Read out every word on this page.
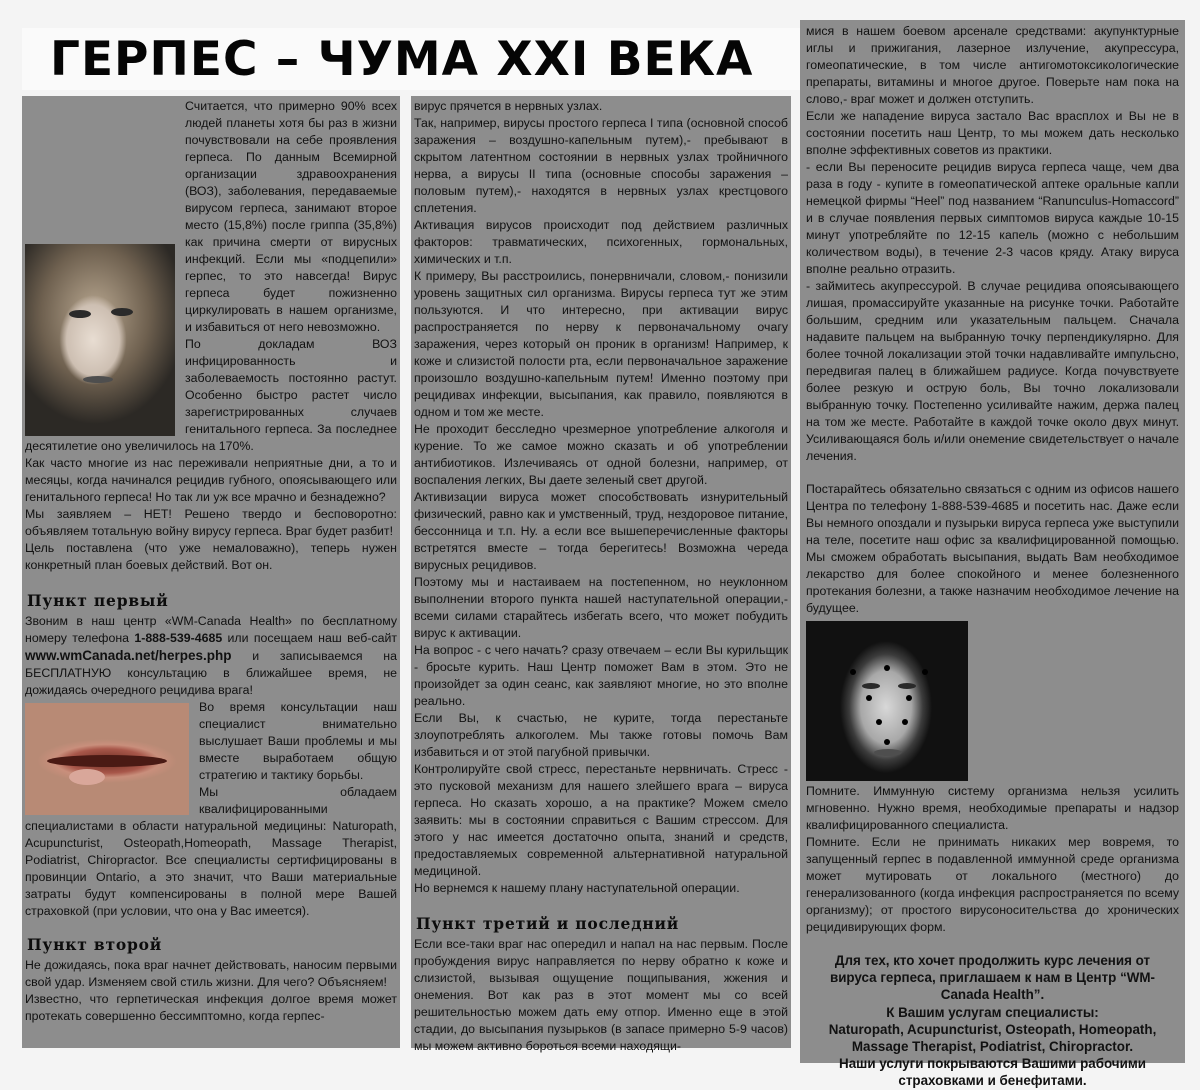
ГЕРПЕС – ЧУМА XXI ВЕКА

Считается, что примерно 90% всех людей планеты хотя бы раз в жизни почувствовали на себе проявления герпеса. По данным Всемирной организации здравоохранения (ВОЗ), заболевания, передаваемые вирусом герпеса, занимают второе место (15,8%) после гриппа (35,8%) как причина смерти от вирусных инфекций. Если мы «подцепили» герпес, то это навсегда! Вирус герпеса будет пожизненно циркулировать в нашем организме, и избавиться от него невозможно.

По докладам ВОЗ инфицированность и заболеваемость постоянно растут. Особенно быстро растет число зарегистрированных случаев генитального герпеса. За последнее десятилетие оно увеличилось на 170%.

Как часто многие из нас переживали неприятные дни, а то и месяцы, когда начинался рецидив губного, опоясывающего или генитального герпеса! Но так ли уж все мрачно и безнадежно?

Мы заявляем – НЕТ! Решено твердо и бесповоротно: объявляем тотальную войну вирусу герпеса. Враг будет разбит!

Цель поставлена (что уже немаловажно), теперь нужен конкретный план боевых действий. Вот он.

Пункт первый

Звоним в наш центр «WM-Canada Health» по бесплатному номеру телефона 1-888-539-4685 или посещаем наш веб-сайт www.wmCanada.net/herpes.php и записываемся на БЕСПЛАТНУЮ консультацию в ближайшее время, не дожидаясь очередного рецидива врага!

Во время консультации наш специалист внимательно выслушает Ваши проблемы и мы вместе выработаем общую стратегию и тактику борьбы.

Мы обладаем квалифицированными специалистами в области натуральной медицины: Naturopath, Acupuncturist, Osteopath,Homeopath, Massage Therapist, Podiatrist, Chiropractor. Все специалисты сертифицированы в провинции Ontario, а это значит, что Ваши материальные затраты будут компенсированы в полной мере Вашей страховкой (при условии, что она у Вас имеется).

Пункт второй

Не дожидаясь, пока враг начнет действовать, наносим первыми свой удар. Изменяем свой стиль жизни. Для чего? Объясняем!

Известно, что герпетическая инфекция долгое время может протекать совершенно бессимптомно, когда герпес-

вирус прячется в нервных узлах.

Так, например, вирусы простого герпеса I типа (основной способ заражения – воздушно-капельным путем),- пребывают в скрытом латентном состоянии в нервных узлах тройничного нерва, а вирусы II типа (основные способы заражения – половым путем),- находятся в нервных узлах крестцового сплетения.

Активация вирусов происходит под действием различных факторов: травматических, психогенных, гормональных, химических и т.п.

К примеру, Вы расстроились, понервничали, словом,- понизили уровень защитных сил организма. Вирусы герпеса тут же этим пользуются. И что интересно, при активации вирус распространяется по нерву к первоначальному очагу заражения, через который он проник в организм! Например, к коже и слизистой полости рта, если первоначальное заражение произошло воздушно-капельным путем! Именно поэтому при рецидивах инфекции, высыпания, как правило, появляются в одном и том же месте.

Не проходит бесследно чрезмерное употребление алкоголя и курение. То же самое можно сказать и об употреблении антибиотиков. Излечиваясь от одной болезни, например, от воспаления легких, Вы даете зеленый свет другой.

Активизации вируса может способствовать изнурительный физический, равно как и умственный, труд, нездоровое питание, бессонница и т.п. Ну. а если все вышеперечисленные факторы встретятся вместе – тогда берегитесь! Возможна череда вирусных рецидивов.

Поэтому мы и настаиваем на постепенном, но неуклонном выполнении второго пункта нашей наступательной операции,- всеми силами старайтесь избегать всего, что может побудить вирус к активации.

На вопрос - с чего начать? сразу отвечаем – если Вы курильщик - бросьте курить. Наш Центр поможет Вам в этом. Это не произойдет за один сеанс, как заявляют многие, но это вполне реально.

Если Вы, к счастью, не курите, тогда перестаньте злоупотреблять алкоголем. Мы также готовы помочь Вам избавиться и от этой пагубной привычки.

Контролируйте свой стресс, перестаньте нервничать. Стресс - это пусковой механизм для нашего злейшего врага – вируса герпеса. Но сказать хорошо, а на практике? Можем смело заявить: мы в состоянии справиться с Вашим стрессом. Для этого у нас имеется достаточно опыта, знаний и средств, предоставляемых современной альтернативной натуральной медициной.

Но вернемся к нашему плану наступательной операции.

Пункт третий и последний

Если все-таки враг нас опередил и напал на нас первым. После пробуждения вирус направляется по нерву обратно к коже и слизистой, вызывая ощущение пощипывания, жжения и онемения. Вот как раз в этот момент мы со всей решительностью можем дать ему отпор. Именно еще в этой стадии, до высыпания пузырьков (в запасе примерно 5-9 часов) мы можем активно бороться всеми находящи-

мися в нашем боевом арсенале средствами: акупунктурные иглы и прижигания, лазерное излучение, акупрессура, гомеопатические, в том числе антигомотоксикологические препараты, витамины и многое другое. Поверьте нам пока на слово,- враг может и должен отступить.

Если же нападение вируса застало Вас врасплох и Вы не в состоянии посетить наш Центр, то мы можем дать несколько вполне эффективных советов из практики.

- если Вы переносите рецидив вируса герпеса чаще, чем два раза в году - купите в гомеопатической аптеке оральные капли немецкой фирмы “Heel” под названием “Ranunculus-Homaccord” и в случае появления первых симптомов вируса каждые 10-15 минут употребляйте по 12-15 капель (можно с небольшим количеством воды), в течение 2-3 часов кряду. Атаку вируса вполне реально отразить.

- займитесь акупрессурой. В случае рецидива опоясывающего лишая, промассируйте указанные на рисунке точки. Работайте большим, средним или указательным пальцем. Сначала надавите пальцем на выбранную точку перпендикулярно. Для более точной локализации этой точки надавливайте импульсно, передвигая палец в ближайшем радиусе. Когда почувствуете более резкую и острую боль, Вы точно локализовали выбранную точку. Постепенно усиливайте нажим, держа палец на том же месте. Работайте в каждой точке около двух минут. Усиливающаяся боль и/или онемение свидетельствует о начале лечения.

Постарайтесь обязательно связаться с одним из офисов нашего Центра по телефону 1-888-539-4685 и посетить нас. Даже если Вы немного опоздали и пузырьки вируса герпеса уже выступили на теле, посетите наш офис за квалифицированной помощью. Мы сможем обработать высыпания, выдать Вам необходимое лекарство для более спокойного и менее болезненного протекания болезни, а также назначим необходимое лечение на будущее.

Помните. Иммунную систему организма нельзя усилить мгновенно. Нужно время, необходимые препараты и надзор квалифицированного специалиста.

Помните. Если не принимать никаких мер вовремя, то запущенный герпес в подавленной иммунной среде организма может мутировать от локального (местного) до генерализованного (когда инфекция распространяется по всему организму); от простого вирусоносительства до хронических рецидивирующих форм.

Для тех, кто хочет продолжить курс лечения от вируса герпеса, приглашаем к нам в Центр “WM-Canada Health”.
К Вашим услугам специалисты:
Naturopath, Acupuncturist, Osteopath, Homeopath, Massage Therapist, Podiatrist, Chiropractor.
Наши услуги покрываются Вашими рабочими страховками и бенефитами.
